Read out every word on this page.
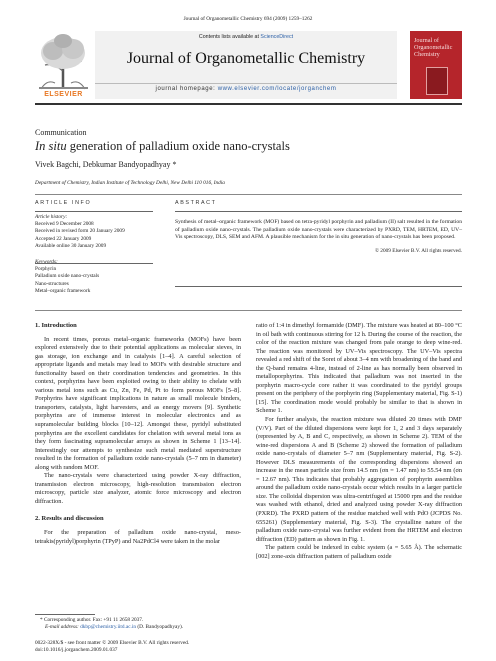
Journal of Organometallic Chemistry 694 (2009) 1259–1262
ELSEVIER
Contents lists available at ScienceDirect
Journal of Organometallic Chemistry
journal homepage: www.elsevier.com/locate/jorganchem
Journal of Organometallic Chemistry
Communication
In situ generation of palladium oxide nano-crystals
Vivek Bagchi, Debkumar Bandyopadhyay *
Department of Chemistry, Indian Institute of Technology Delhi, New Delhi 110 016, India
ARTICLE INFO
Article history:
Received 9 December 2008
Received in revised form 20 January 2009
Accepted 22 January 2009
Available online 30 January 2009
Keywords:
Porphyrin
Palladium oxide nano-crystals
Nano-structures
Metal–organic framework
ABSTRACT
Synthesis of metal–organic framework (MOF) based on tetra-pyridyl porphyrin and palladium (II) salt resulted in the formation of palladium oxide nano-crystals. The palladium oxide nano-crystals were characterized by PXRD, TEM, HRTEM, ED, UV–Vis spectroscopy, DLS, SEM and AFM. A plausible mechanism for the in situ generation of nano-crystals has been proposed.
© 2009 Elsevier B.V. All rights reserved.
1. Introduction

In recent times, porous metal–organic frameworks (MOFs) have been explored extensively due to their potential applications as molecular sieves, in gas storage, ion exchange and in catalysis [1–4]. A careful selection of appropriate ligands and metals may lead to MOFs with desirable structure and functionality based on their coordination tendencies and geometries. In this context, porphyrins have been exploited owing to their ability to chelate with various metal ions such as Cu, Zn, Fe, Pd, Pt to form porous MOFs [5–8]. Porphyrins have significant implications in nature as small molecule binders, transporters, catalysts, light harvesters, and as energy movers [9]. Synthetic porphyrins are of immense interest in molecular electronics and as supramolecular building blocks [10–12]. Amongst these, pyridyl substituted porphyrins are the excellent candidates for chelation with several metal ions as they form fascinating supramolecular arrays as shown in Scheme 1 [13–14]. Interestingly our attempts to synthesize such metal mediated superstructure resulted in the formation of palladium oxide nano-crystals (5–7 nm in diameter) along with random MOF.

The nano-crystals were characterized using powder X-ray diffraction, transmission electron microscopy, high-resolution transmission electron microscopy, particle size analyzer, atomic force microscopy and electron diffraction.

2. Results and discussion

For the preparation of palladium oxide nano-crystal, meso-tetrakis(pyridyl)porphyrin (TPyP) and Na2PdCl4 were taken in the molar

* Corresponding author. Fax: +91 11 2658 2037.
E-mail address: dkbp@chemistry.iitd.ac.in (D. Bandyopadhyay).
0022-328X/$ - see front matter © 2009 Elsevier B.V. All rights reserved.
doi:10.1016/j.jorganchem.2009.01.037

ratio of 1:4 in dimethyl formamide (DMF). The mixture was heated at 80–100 °C in oil bath with continuous stirring for 12 h. During the course of the reaction, the color of the reaction mixture was changed from pale orange to deep wine-red. The reaction was monitored by UV–Vis spectroscopy. The UV–Vis spectra revealed a red shift of the Soret of about 3–4 nm with broadening of the band and the Q-band remains 4-line, instead of 2-line as has normally been observed in metalloporphyrins. This indicated that palladium was not inserted in the porphyrin macro-cycle core rather it was coordinated to the pyridyl groups present on the periphery of the porphyrin ring (Supplementary material, Fig. S-1) [15]. The coordination mode would probably be similar to that is shown in Scheme 1.

For further analysis, the reaction mixture was diluted 20 times with DMF (V/V). Part of the diluted dispersions were kept for 1, 2 and 3 days separately (represented by A, B and C, respectively, as shown in Scheme 2). TEM of the wine-red dispersions A and B (Scheme 2) showed the formation of palladium oxide nano-crystals of diameter 5–7 nm (Supplementary material, Fig. S-2). However DLS measurements of the corresponding dispersions showed an increase in the mean particle size from 14.5 nm (σn = 1.47 nm) to 55.54 nm (σn = 12.67 nm). This indicates that probably aggregation of porphyrin assemblies around the palladium oxide nano-crystals occur which results in a larger particle size. The colloidal dispersion was ultra-centrifuged at 15000 rpm and the residue was washed with ethanol, dried and analyzed using powder X-ray diffraction (PXRD). The PXRD pattern of the residue matched well with PdO (JCPDS No. 655261) (Supplementary material, Fig. S-3). The crystalline nature of the palladium oxide nano-crystal was further evident from the HRTEM and electron diffraction (ED) pattern as shown in Fig. 1.

The pattern could be indexed in cubic system (a = 5.65 Å). The schematic [002] zone-axis diffraction pattern of palladium oxide
